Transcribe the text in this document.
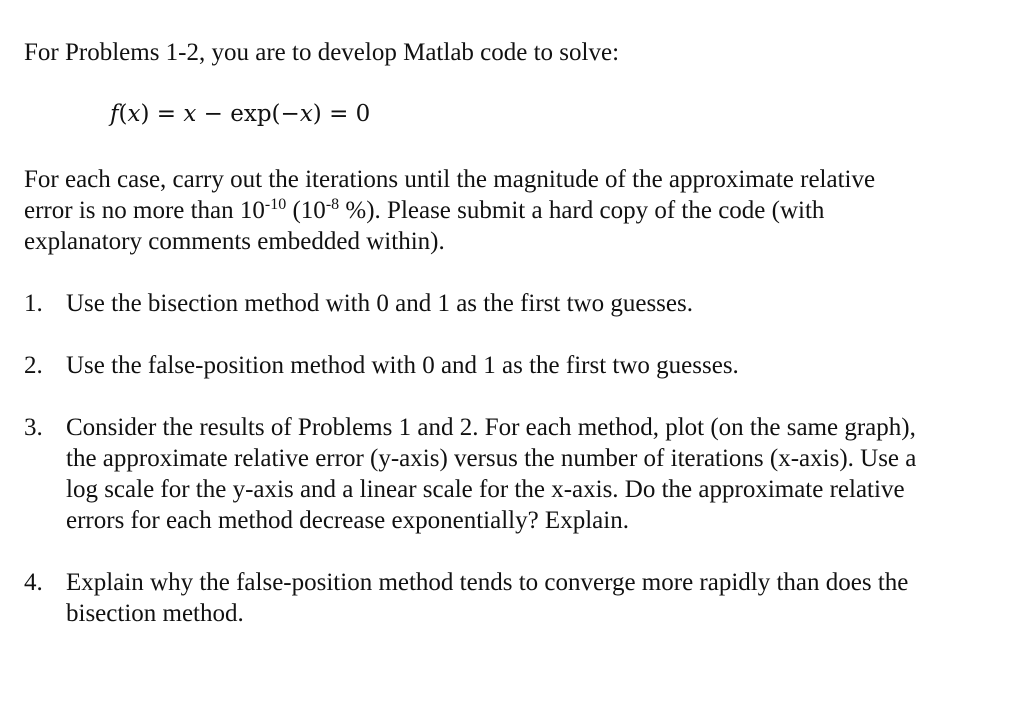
For Problems 1-2, you are to develop Matlab code to solve:
f(x) = x − exp(−x) = 0
For each case, carry out the iterations until the magnitude of the approximate relative
error is no more than $10^{-10}$ ($10^{-8}$ %). Please submit a hard copy of the code (with
explanatory comments embedded within).
1. Use the bisection method with 0 and 1 as the first two guesses.
2. Use the false-position method with 0 and 1 as the first two guesses.
3. Consider the results of Problems 1 and 2. For each method, plot (on the same graph),
the approximate relative error (y-axis) versus the number of iterations (x-axis). Use a
log scale for the y-axis and a linear scale for the x-axis. Do the approximate relative
errors for each method decrease exponentially? Explain.
4. Explain why the false-position method tends to converge more rapidly than does the
bisection method.
